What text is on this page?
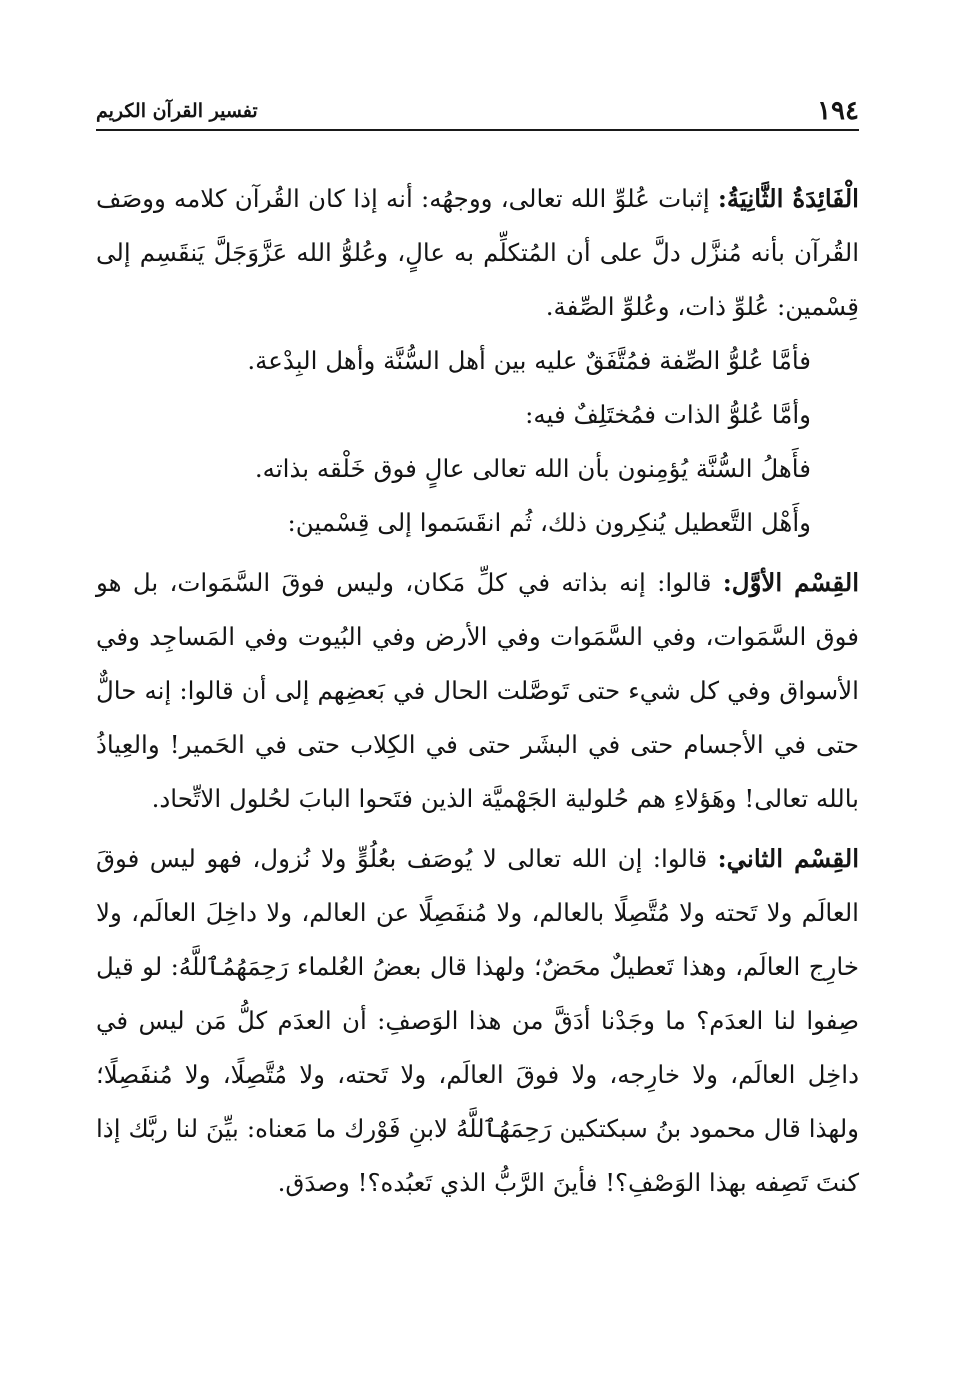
١٩٤
تفسير القرآن الكريم

الْفَائِدَةُ الثَّانِيَةُ: إثبات عُلوِّ الله تعالى، ووجهُه: أنه إذا كان القُرآن كلامه ووصَف القُرآن بأنه مُنزَّل دلَّ على أن المُتكلِّم به عالٍ، وعُلوُّ الله عَزَّوَجَلَّ يَنقَسِم إلى قِسْمين: عُلوِّ ذات، وعُلوِّ الصِّفة.

فأمَّا عُلوُّ الصِّفة فمُتَّفَقٌ عليه بين أهل السُّنَّة وأهل البِدْعة.

وأمَّا عُلوُّ الذات فمُختَلِفٌ فيه:

فأَهلُ السُّنَّة يُؤمِنون بأن الله تعالى عالٍ فوق خَلْقه بذاته.

وأَهْل التَّعطيل يُنكِرون ذلك، ثُم انقَسَموا إلى قِسْمين:

القِسْم الأوَّل: قالوا: إنه بذاته في كلِّ مَكان، وليس فوقَ السَّمَوات، بل هو فوق السَّمَوات، وفي السَّمَوات وفي الأرض وفي البُيوت وفي المَساجِد وفي الأسواق وفي كل شيء حتى تَوصَّلت الحال في بَعضِهم إلى أن قالوا: إنه حالٌّ حتى في الأجسام حتى في البشَر حتى في الكِلاب حتى في الحَمير! والعِياذُ بالله تعالى! وهَؤلاءِ هم حُلولية الجَهْميَّة الذين فتَحوا البابَ لحُلول الاتِّحاد.

القِسْم الثاني: قالوا: إن الله تعالى لا يُوصَف بعُلُوٍّ ولا نُزول، فهو ليس فوقَ العالَم ولا تَحته ولا مُتَّصِلًا بالعالم، ولا مُنفَصِلًا عن العالم، ولا داخِلَ العالَم، ولا خارِج العالَم، وهذا تَعطيلٌ محَضٌ؛ ولهذا قال بعضُ العُلماء رَحِمَهُمُٱللَّهُ: لو قيل صِفوا لنا العدَم؟ ما وجَدْنا أدَقَّ من هذا الوَصفِ: أن العدَم كلُّ مَن ليس في داخِل العالَم، ولا خارِجه، ولا فوقَ العالَم، ولا تَحته، ولا مُتَّصِلًا، ولا مُنفَصِلًا؛ ولهذا قال محمود بنُ سبكتكين رَحِمَهُٱللَّهُ لابنِ فَوْرك ما مَعناه: بيِّنَ لنا ربَّك إذا كنتَ تَصِفه بهذا الوَصْفِ؟! فأينَ الرَّبُّ الذي تَعبُده؟! وصدَق.
